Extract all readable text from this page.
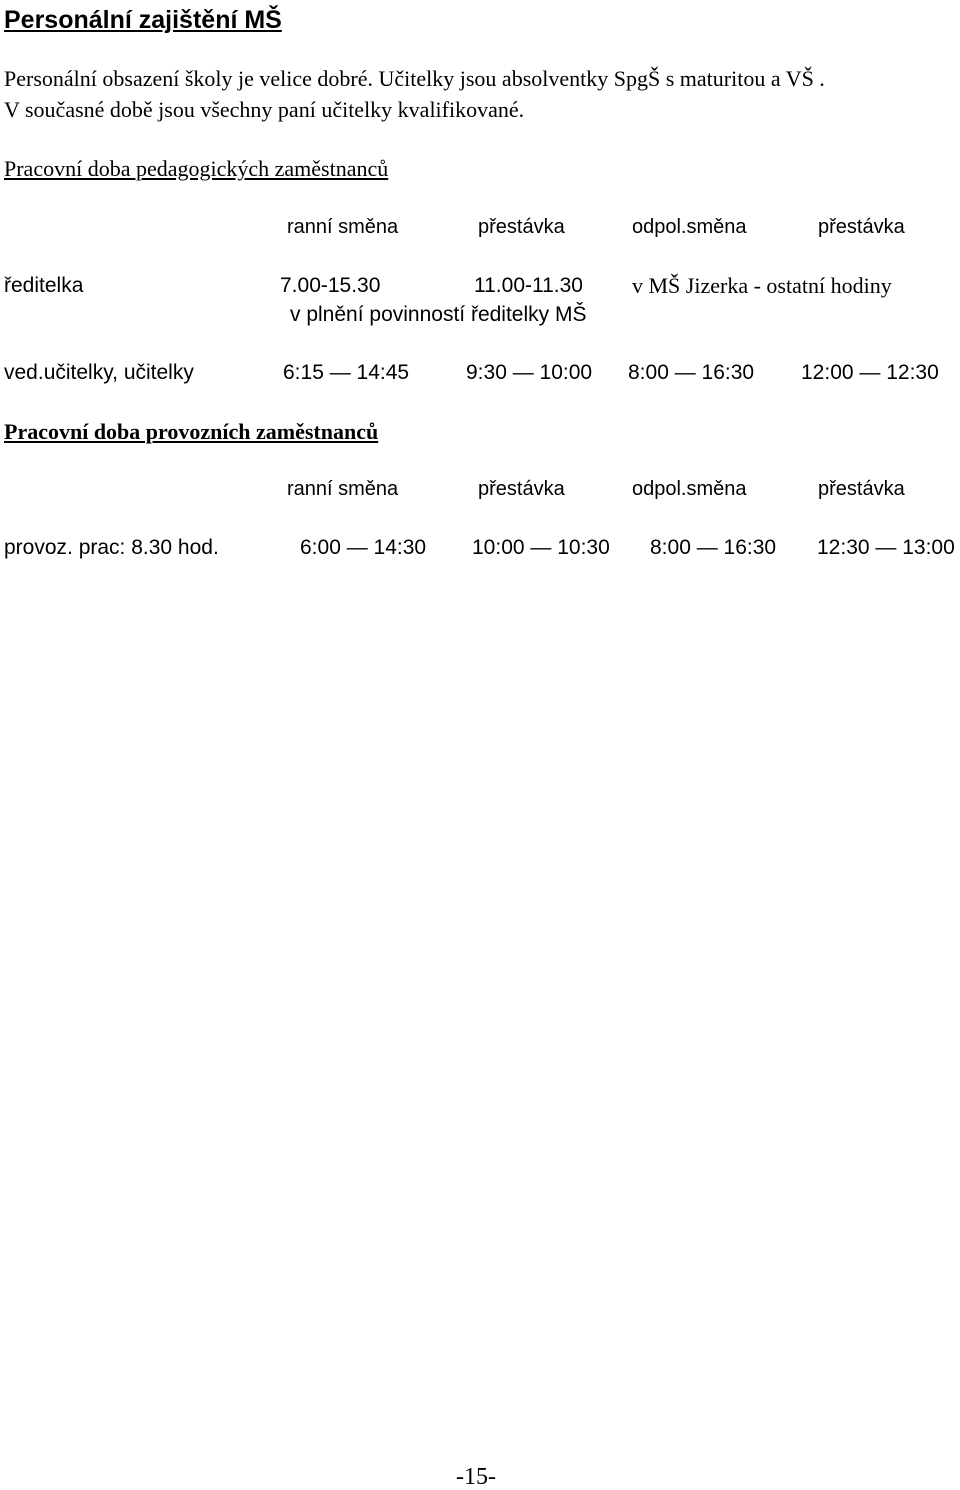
Personální zajištění MŠ
Personální obsazení školy je velice dobré. Učitelky jsou absolventky SpgŠ s maturitou a VŠ .
V současné době jsou všechny paní učitelky kvalifikované.
Pracovní doba pedagogických zaměstnanců
ranní směna	přestávka	odpol.směna	přestávka
ředitelka	7.00-15.30	11.00-11.30 v MŠ Jizerka - ostatní hodiny
v plnění povinností ředitelky MŠ
ved.učitelky, učitelky	6:15 — 14:45	9:30 — 10:00 8:00 — 16:30 12:00 — 12:30
Pracovní doba provozních zaměstnanců
ranní směna	přestávka	odpol.směna	přestávka
provoz. prac: 8.30 hod.	6:00 — 14:30 10:00 — 10:30 8:00 — 16:30 12:30 — 13:00
-15-
